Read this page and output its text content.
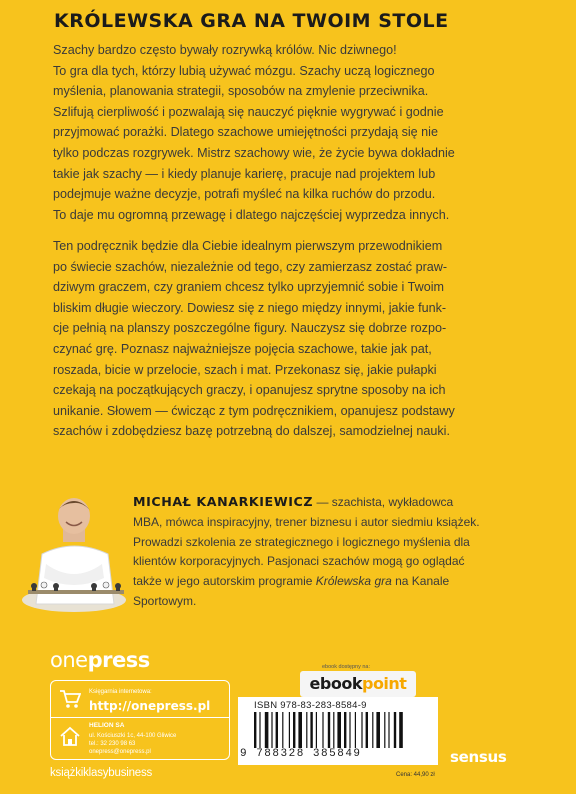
KRÓLEWSKA GRA NA TWOIM STOLE
Szachy bardzo często bywały rozrywką królów. Nic dziwnego!
To gra dla tych, którzy lubią używać mózgu. Szachy uczą logicznego
myślenia, planowania strategii, sposobów na zmylenie przeciwnika.
Szlifują cierpliwość i pozwalają się nauczyć pięknie wygrywać i godnie
przyjmować porażki. Dlatego szachowe umiejętności przydają się nie
tylko podczas rozgrywek. Mistrz szachowy wie, że życie bywa dokładnie
takie jak szachy — i kiedy planuje karierę, pracuje nad projektem lub
podejmuje ważne decyzje, potrafi myśleć na kilka ruchów do przodu.
To daje mu ogromną przewagę i dlatego najczęściej wyprzedza innych.
Ten podręcznik będzie dla Ciebie idealnym pierwszym przewodnikiem
po świecie szachów, niezależnie od tego, czy zamierzasz zostać praw-
dziwym graczem, czy graniem chcesz tylko uprzyjemnić sobie i Twoim
bliskim długie wieczory. Dowiesz się z niego między innymi, jakie funk-
cje pełnią na planszy poszczególne figury. Nauczysz się dobrze rozpo-
czynać grę. Poznasz najważniejsze pojęcia szachowe, takie jak pat,
roszada, bicie w przelocie, szach i mat. Przekonasz się, jakie pułapki
czekają na początkujących graczy, i opanujesz sprytne sposoby na ich
unikanie. Słowem — ćwicząc z tym podręcznikiem, opanujesz podstawy
szachów i zdobędziesz bazę potrzebną do dalszej, samodzielnej nauki.
MICHAŁ KANARKIEWICZ — szachista, wykładowca
MBA, mówca inspiracyjny, trener biznesu i autor siedmiu książek.
Prowadzi szkolenia ze strategicznego i logicznego myślenia dla
klientów korporacyjnych. Pasjonaci szachów mogą go oglądać
także w jego autorskim programie Królewska gra na Kanale
Sportowym.
onepress
Księgarnia internetowa:
http://onepress.pl
HELION SA
ul. Kościuszki 1c, 44-100 Gliwice
tel.: 32 230 98 63
onepress@onepress.pl
książkiklasybusiness
ebook dostępny na:
ebookpoint
ISBN 978-83-283-8584-9
9 788328 385849
Cena: 44,90 zł
sensus
